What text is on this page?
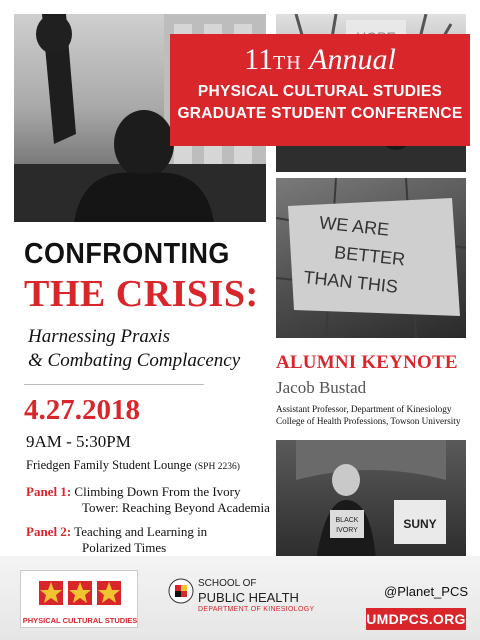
11TH Annual
PHYSICAL CULTURAL STUDIES
GRADUATE STUDENT CONFERENCE
WE ARE
BETTER
THAN THIS
CONFRONTING
THE CRISIS:
Harnessing Praxis
& Combating Complacency
4.27.2018
9AM - 5:30PM
Friedgen Family Student Lounge (SPH 2236)
Panel 1: Climbing Down From the Ivory
Tower: Reaching Beyond Academia
Panel 2: Teaching and Learning in
Polarized Times
ALUMNI KEYNOTE
Jacob Bustad
Assistant Professor, Department of Kinesiology
College of Health Professions, Towson University
BLACK
IVORY	SUNY
PHYSICAL CULTURAL STUDIES
SCHOOL OF
PUBLIC HEALTH
DEPARTMENT OF KINESIOLOGY
@Planet_PCS
UMDPCS.ORG
